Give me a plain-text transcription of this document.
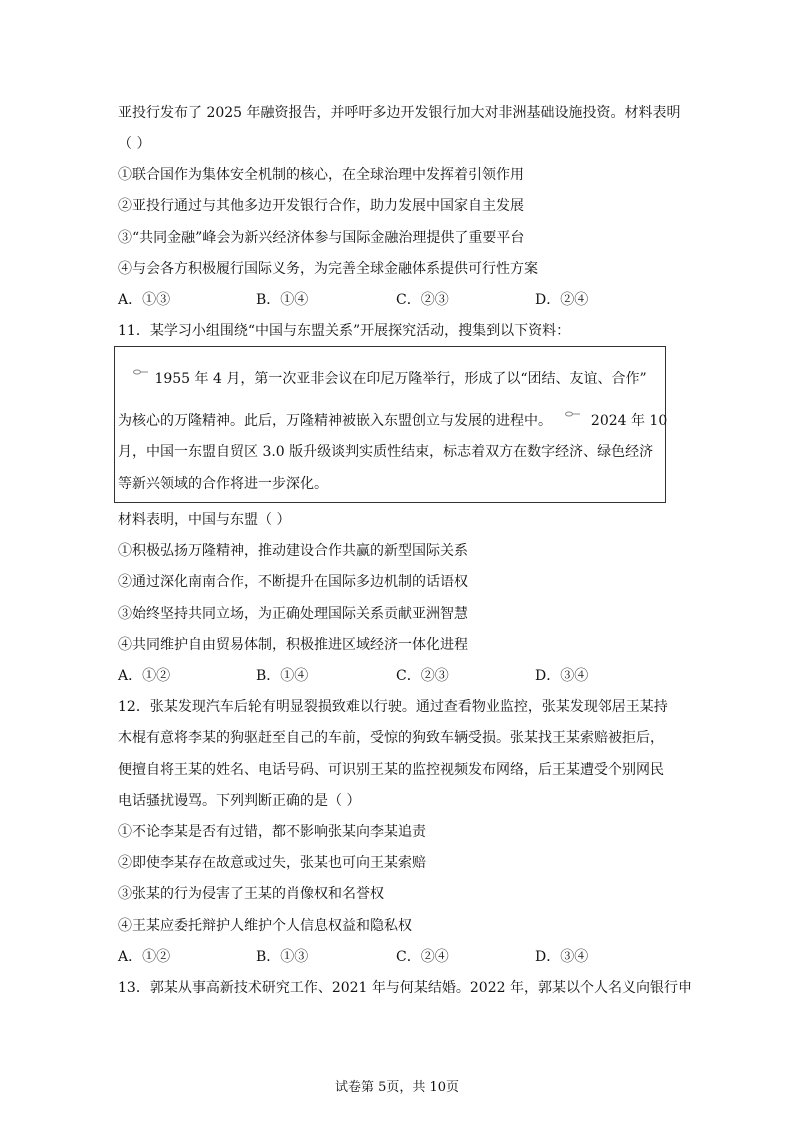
亚投行发布了 2025 年融资报告，并呼吁多边开发银行加大对非洲基础设施投资。材料表明
（ ）
①联合国作为集体安全机制的核心，在全球治理中发挥着引领作用
②亚投行通过与其他多边开发银行合作，助力发展中国家自主发展
③“共同金融”峰会为新兴经济体参与国际金融治理提供了重要平台
④与会各方积极履行国际义务，为完善全球金融体系提供可行性方案
A．①③	B．①④	C．②③	D．②④
11．某学习小组围绕“中国与东盟关系”开展探究活动，搜集到以下资料：
1955 年 4 月，第一次亚非会议在印尼万隆举行，形成了以“团结、友谊、合作”
为核心的万隆精神。此后，万隆精神被嵌入东盟创立与发展的进程中。	2024 年 10
月，中国一东盟自贸区 3.0 版升级谈判实质性结束，标志着双方在数字经济、绿色经济
等新兴领域的合作将进一步深化。
材料表明，中国与东盟（ ）
①积极弘扬万隆精神，推动建设合作共赢的新型国际关系
②通过深化南南合作，不断提升在国际多边机制的话语权
③始终坚持共同立场，为正确处理国际关系贡献亚洲智慧
④共同维护自由贸易体制，积极推进区域经济一体化进程
A．①②	B．①④	C．②③	D．③④
12．张某发现汽车后轮有明显裂损致难以行驶。通过查看物业监控，张某发现邻居王某持
木棍有意将李某的狗驱赶至自己的车前，受惊的狗致车辆受损。张某找王某索赔被拒后，
便擅自将王某的姓名、电话号码、可识别王某的监控视频发布网络，后王某遭受个别网民
电话骚扰谩骂。下列判断正确的是（ ）
①不论李某是否有过错，都不影响张某向李某追责
②即使李某存在故意或过失，张某也可向王某索赔
③张某的行为侵害了王某的肖像权和名誉权
④王某应委托辩护人维护个人信息权益和隐私权
A．①②	B．①③	C．②④	D．③④
13．郭某从事高新技术研究工作、2021 年与何某结婚。2022 年，郭某以个人名义向银行申
试卷第 5页，共 10页
